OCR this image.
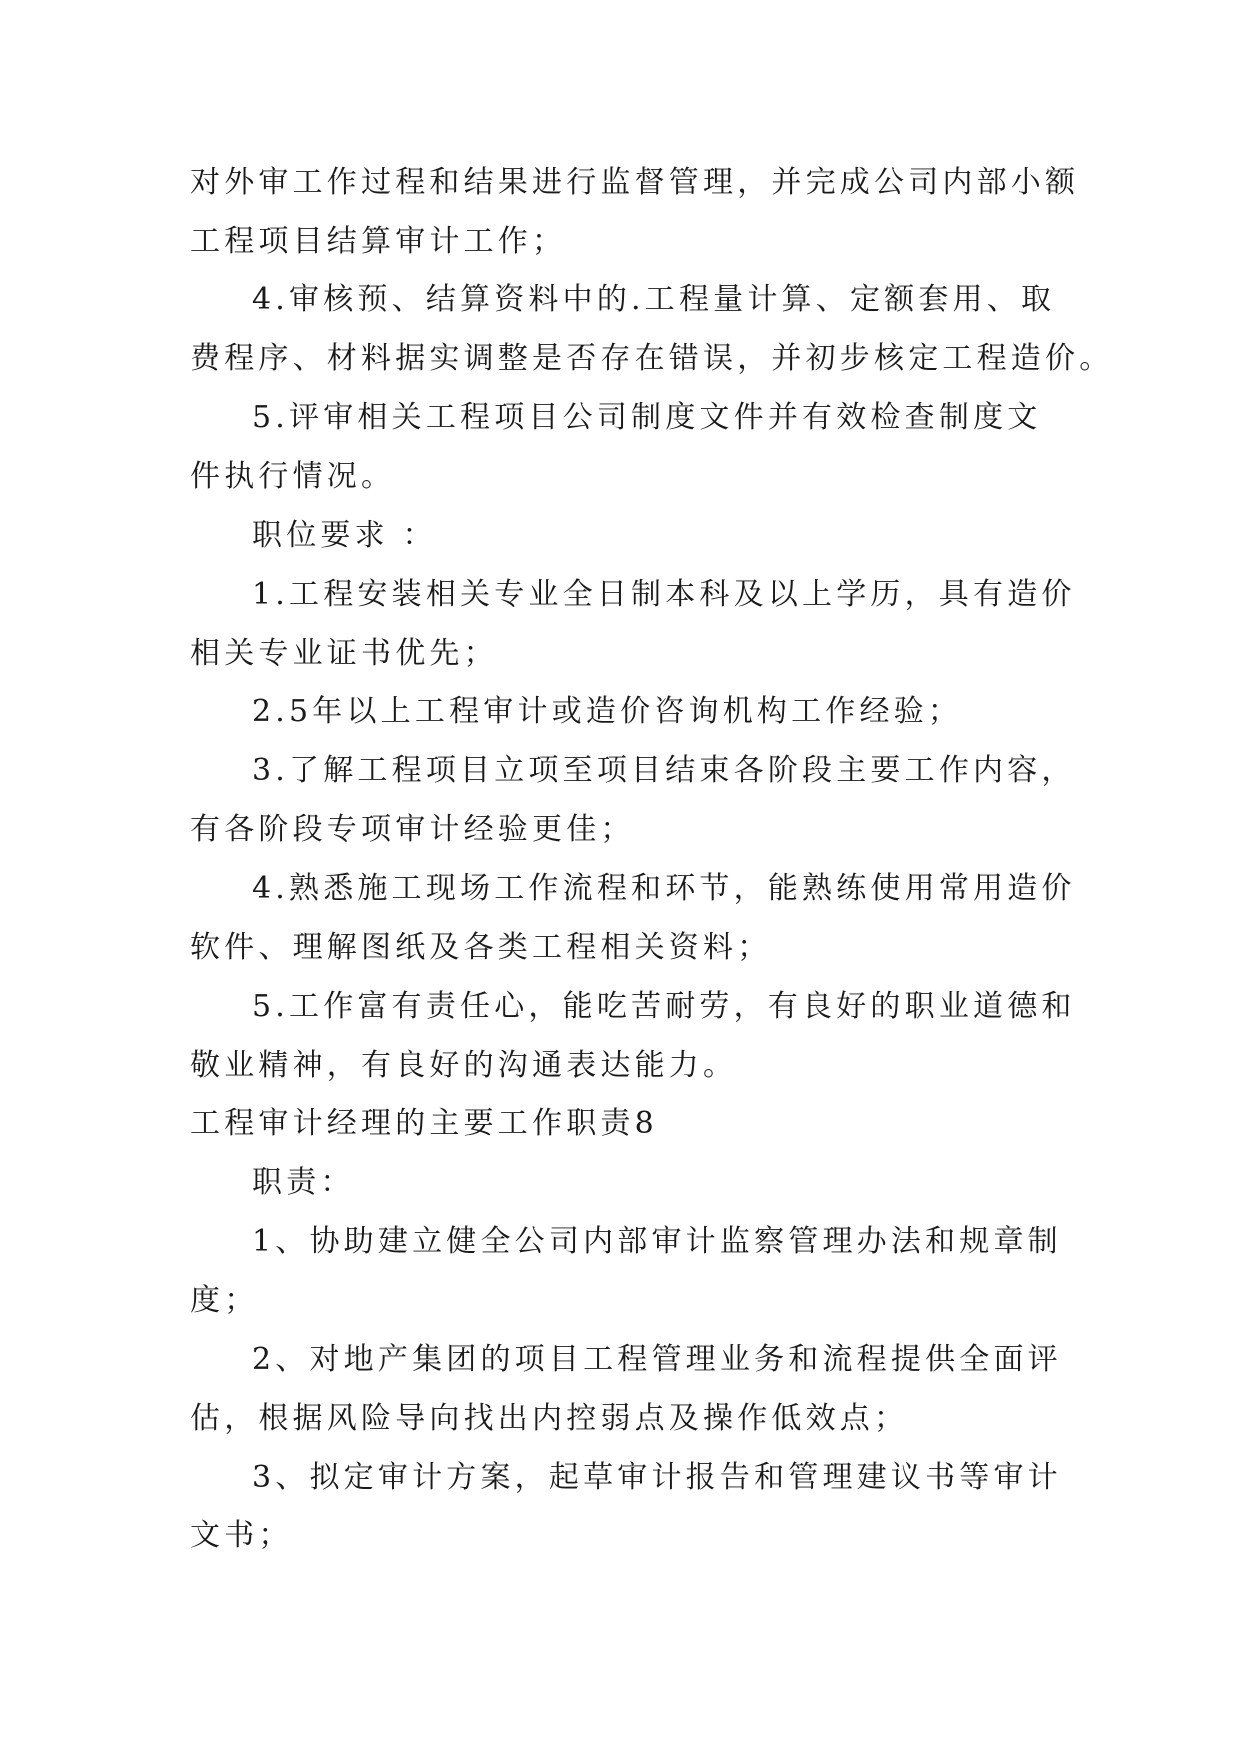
对外审工作过程和结果进行监督管理，并完成公司内部小额
工程项目结算审计工作；
4.审核预、结算资料中的.工程量计算、定额套用、取
费程序、材料据实调整是否存在错误，并初步核定工程造价。
5.评审相关工程项目公司制度文件并有效检查制度文
件执行情况。
职位要求 ：
1.工程安装相关专业全日制本科及以上学历，具有造价
相关专业证书优先；
2.5年以上工程审计或造价咨询机构工作经验；
3.了解工程项目立项至项目结束各阶段主要工作内容，
有各阶段专项审计经验更佳；
4.熟悉施工现场工作流程和环节，能熟练使用常用造价
软件、理解图纸及各类工程相关资料；
5.工作富有责任心，能吃苦耐劳，有良好的职业道德和
敬业精神，有良好的沟通表达能力。
工程审计经理的主要工作职责8
职责：
1、协助建立健全公司内部审计监察管理办法和规章制
度；
2、对地产集团的项目工程管理业务和流程提供全面评
估，根据风险导向找出内控弱点及操作低效点；
3、拟定审计方案，起草审计报告和管理建议书等审计
文书；
